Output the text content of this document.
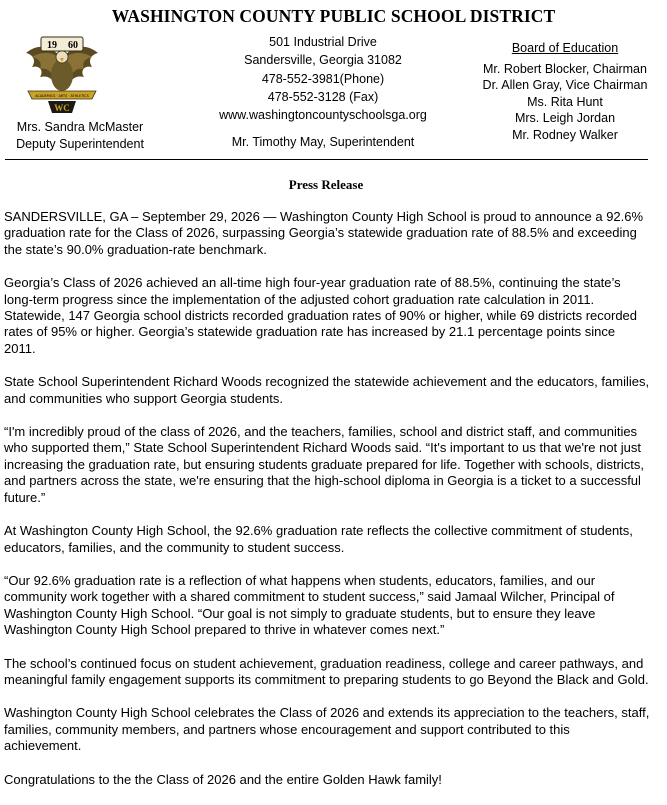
WASHINGTON COUNTY PUBLIC SCHOOL DISTRICT
19 60
ACADEMICS · ARTS · ATHLETICS
WC
Mrs. Sandra McMaster
Deputy Superintendent
501 Industrial Drive
Sandersville, Georgia 31082
478-552-3981(Phone)
478-552-3128 (Fax)
www.washingtoncountyschoolsga.org
Mr. Timothy May, Superintendent
Board of Education
Mr. Robert Blocker, Chairman
Dr. Allen Gray, Vice Chairman
Ms. Rita Hunt
Mrs. Leigh Jordan
Mr. Rodney Walker
Press Release

SANDERSVILLE, GA – September 29, 2026 — Washington County High School is proud to announce a 92.6% graduation rate for the Class of 2026, surpassing Georgia’s statewide graduation rate of 88.5% and exceeding the state’s 90.0% graduation-rate benchmark.

Georgia’s Class of 2026 achieved an all-time high four-year graduation rate of 88.5%, continuing the state’s long-term progress since the implementation of the adjusted cohort graduation rate calculation in 2011. Statewide, 147 Georgia school districts recorded graduation rates of 90% or higher, while 69 districts recorded rates of 95% or higher. Georgia’s statewide graduation rate has increased by 21.1 percentage points since 2011.

State School Superintendent Richard Woods recognized the statewide achievement and the educators, families, and communities who support Georgia students.

“I'm incredibly proud of the class of 2026, and the teachers, families, school and district staff, and communities who supported them,” State School Superintendent Richard Woods said. “It's important to us that we're not just increasing the graduation rate, but ensuring students graduate prepared for life. Together with schools, districts, and partners across the state, we're ensuring that the high-school diploma in Georgia is a ticket to a successful future.”

At Washington County High School, the 92.6% graduation rate reflects the collective commitment of students, educators, families, and the community to student success.

“Our 92.6% graduation rate is a reflection of what happens when students, educators, families, and our community work together with a shared commitment to student success,” said Jamaal Wilcher, Principal of Washington County High School. “Our goal is not simply to graduate students, but to ensure they leave Washington County High School prepared to thrive in whatever comes next.”

The school’s continued focus on student achievement, graduation readiness, college and career pathways, and meaningful family engagement supports its commitment to preparing students to go Beyond the Black and Gold.

Washington County High School celebrates the Class of 2026 and extends its appreciation to the teachers, staff, families, community members, and partners whose encouragement and support contributed to this achievement.

Congratulations to the the Class of 2026 and the entire Golden Hawk family!
